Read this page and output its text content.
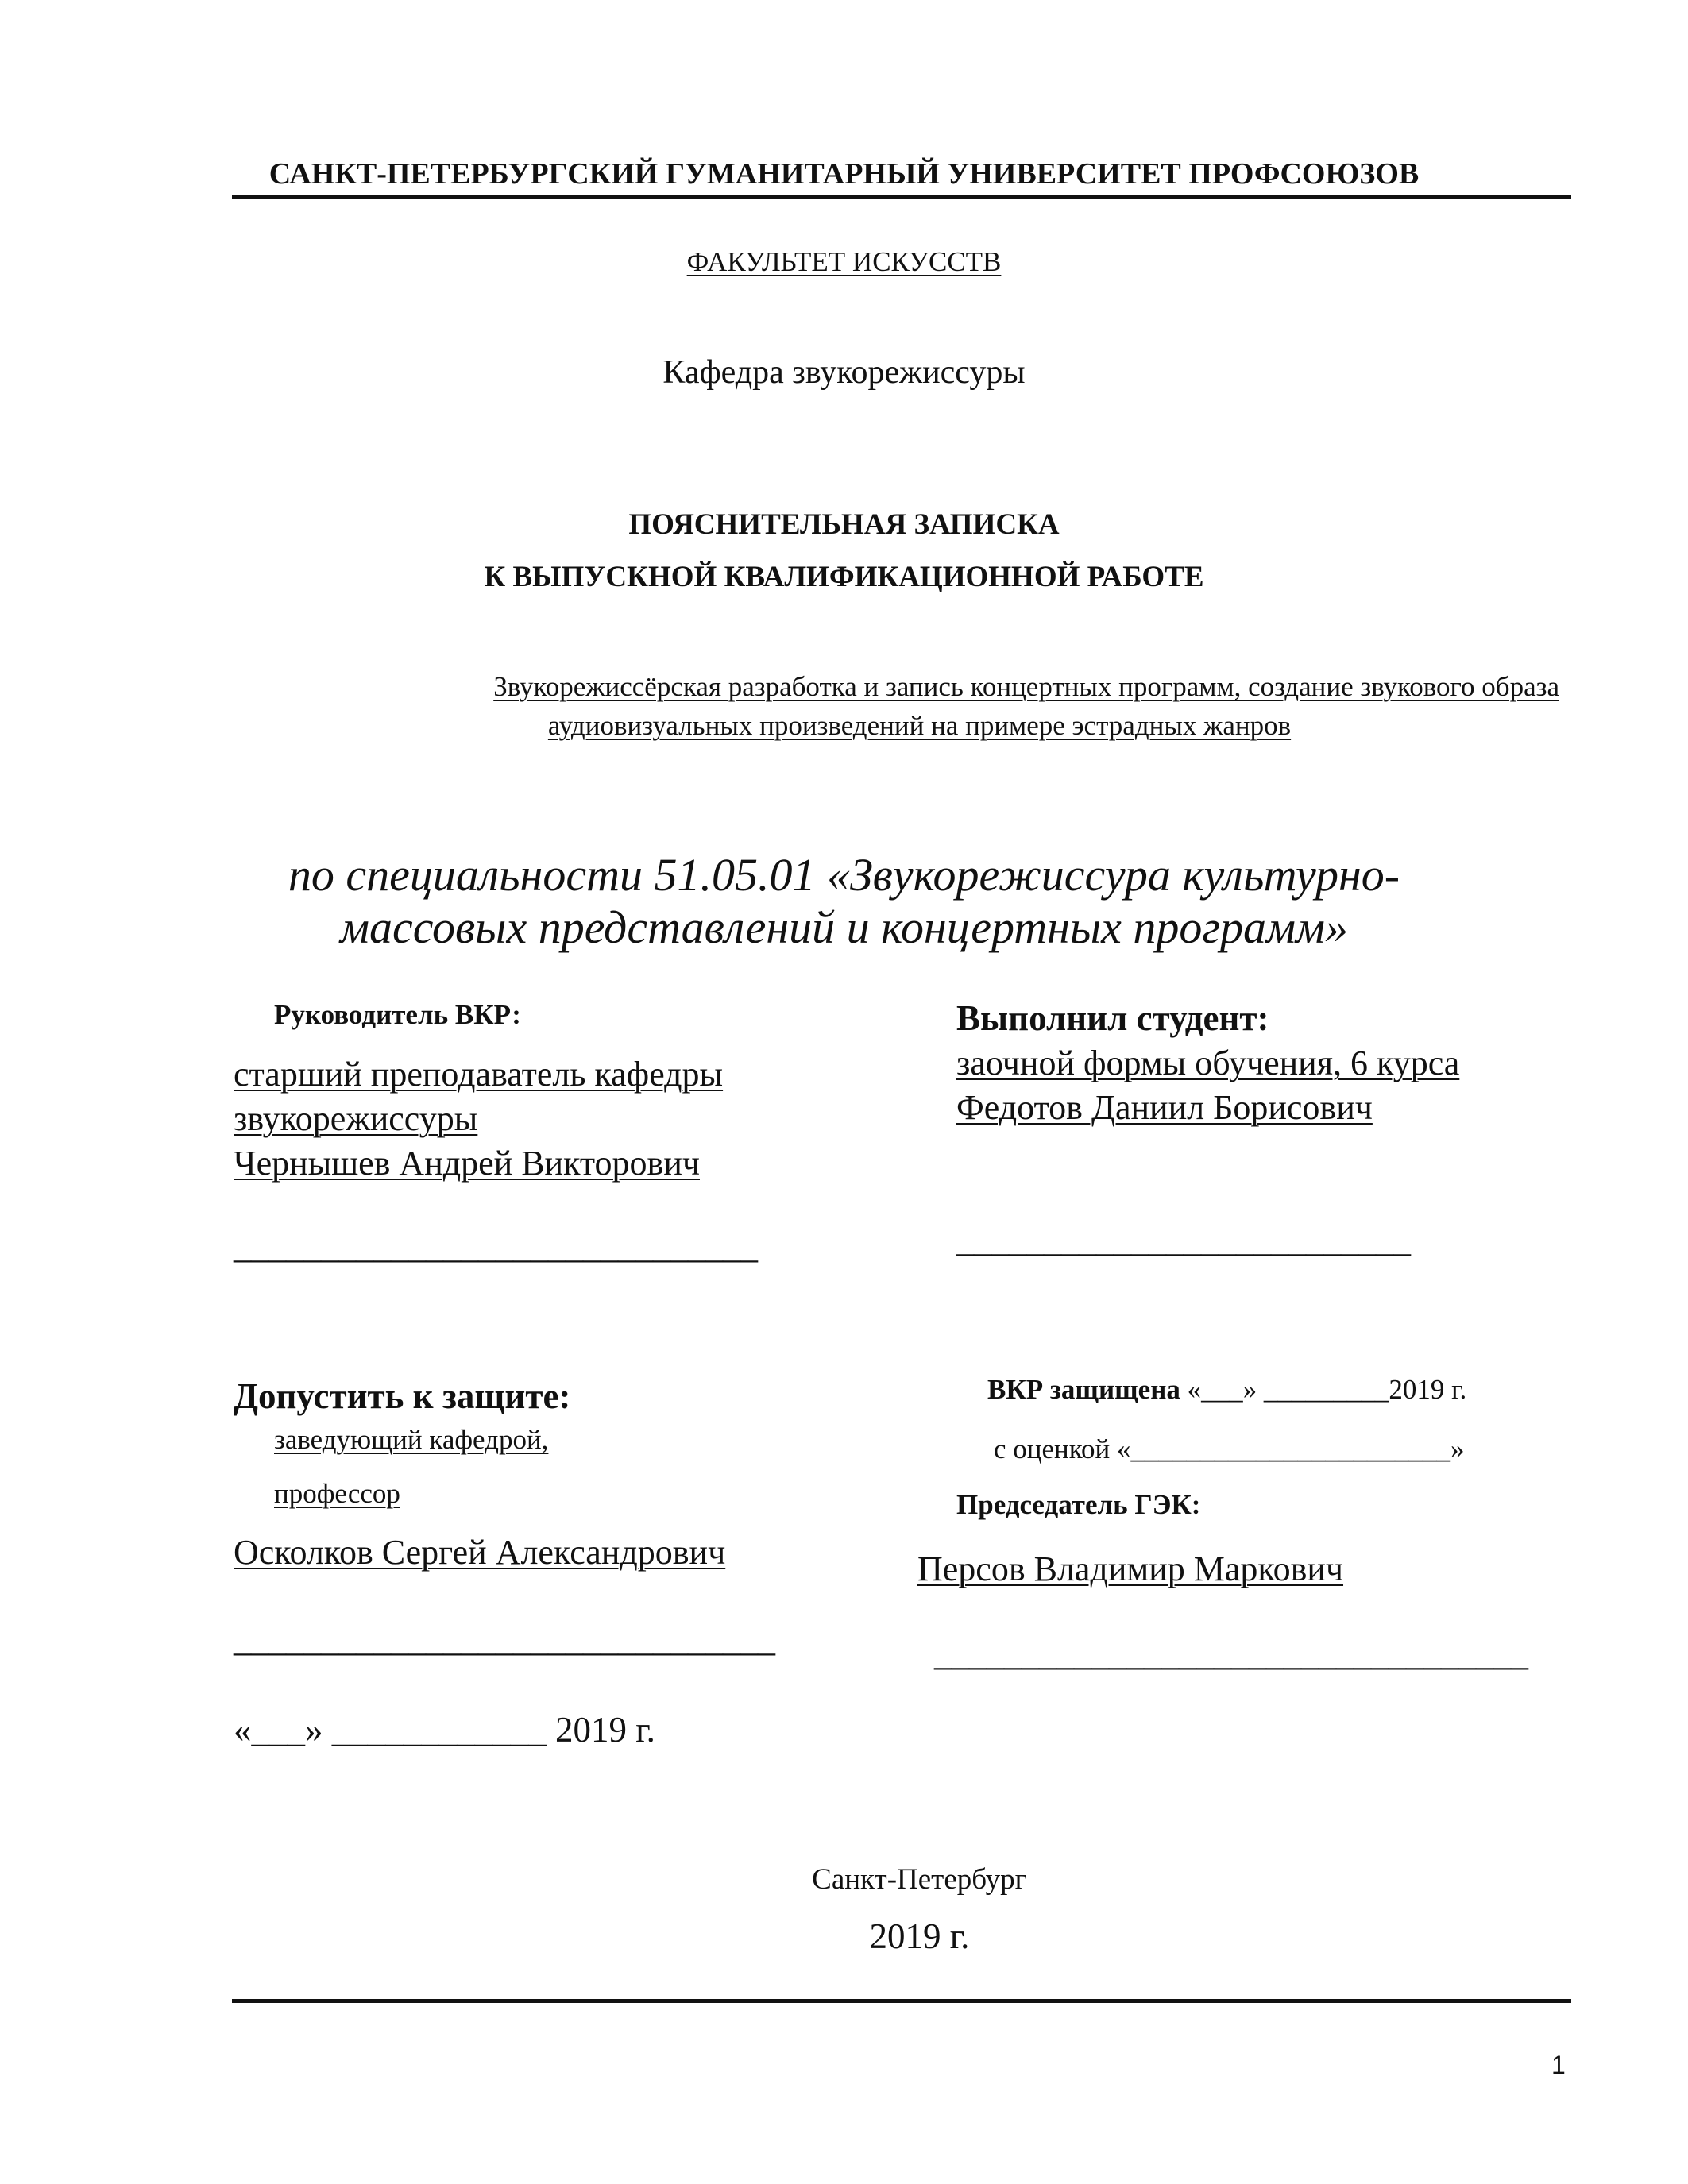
САНКТ-ПЕТЕРБУРГСКИЙ ГУМАНИТАРНЫЙ УНИВЕРСИТЕТ ПРОФСОЮЗОВ
ФАКУЛЬТЕТ ИСКУССТВ
Кафедра звукорежиссуры
ПОЯСНИТЕЛЬНАЯ ЗАПИСКА
К ВЫПУСКНОЙ КВАЛИФИКАЦИОННОЙ РАБОТЕ
Звукорежиссёрская разработка и запись концертных программ, создание звукового образа
аудиовизуальных произведений на примере эстрадных жанров
по специальности 51.05.01 «Звукорежиссура культурно-
массовых представлений и концертных программ»
Руководитель ВКР:
старший преподаватель кафедры
звукорежиссуры
Чернышев Андрей Викторович
______________________________
Выполнил студент:
заочной формы обучения, 6 курса
Федотов Даниил Борисович
__________________________
Допустить к защите:
заведующий кафедрой,
профессор
Осколков Сергей Александрович
_______________________________
«___» ____________ 2019 г.
ВКР защищена «___» _________2019 г.
с оценкой «_______________________»
Председатель ГЭК:
Персов Владимир Маркович
__________________________________
Санкт-Петербург
2019 г.
1
